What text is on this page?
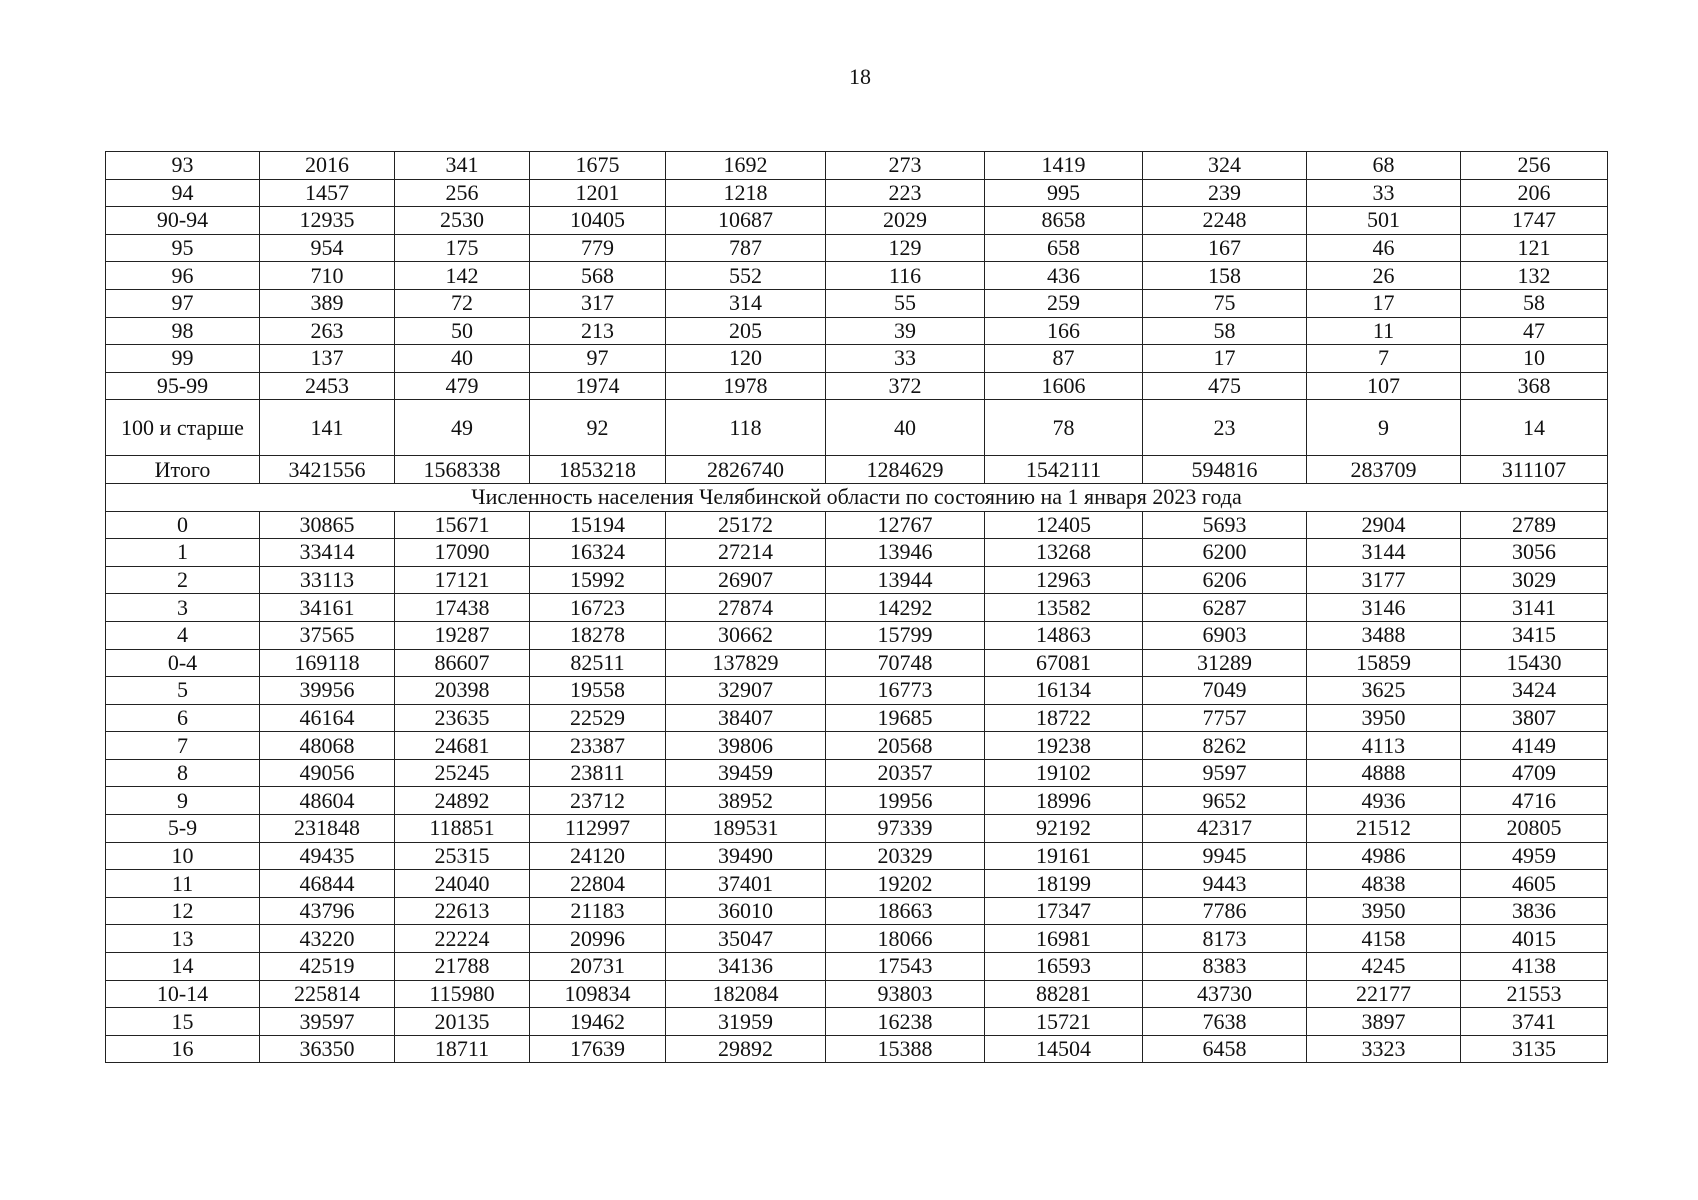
18
93	2016	341	1675	1692	273	1419	324	68	256
94	1457	256	1201	1218	223	995	239	33	206
90-94	12935	2530	10405	10687	2029	8658	2248	501	1747
95	954	175	779	787	129	658	167	46	121
96	710	142	568	552	116	436	158	26	132
97	389	72	317	314	55	259	75	17	58
98	263	50	213	205	39	166	58	11	47
99	137	40	97	120	33	87	17	7	10
95-99	2453	479	1974	1978	372	1606	475	107	368
100 и старше	141	49	92	118	40	78	23	9	14
Итого	3421556	1568338	1853218	2826740	1284629	1542111	594816	283709	311107
Численность населения Челябинской области по состоянию на 1 января 2023 года									
0	30865	15671	15194	25172	12767	12405	5693	2904	2789
1	33414	17090	16324	27214	13946	13268	6200	3144	3056
2	33113	17121	15992	26907	13944	12963	6206	3177	3029
3	34161	17438	16723	27874	14292	13582	6287	3146	3141
4	37565	19287	18278	30662	15799	14863	6903	3488	3415
0-4	169118	86607	82511	137829	70748	67081	31289	15859	15430
5	39956	20398	19558	32907	16773	16134	7049	3625	3424
6	46164	23635	22529	38407	19685	18722	7757	3950	3807
7	48068	24681	23387	39806	20568	19238	8262	4113	4149
8	49056	25245	23811	39459	20357	19102	9597	4888	4709
9	48604	24892	23712	38952	19956	18996	9652	4936	4716
5-9	231848	118851	112997	189531	97339	92192	42317	21512	20805
10	49435	25315	24120	39490	20329	19161	9945	4986	4959
11	46844	24040	22804	37401	19202	18199	9443	4838	4605
12	43796	22613	21183	36010	18663	17347	7786	3950	3836
13	43220	22224	20996	35047	18066	16981	8173	4158	4015
14	42519	21788	20731	34136	17543	16593	8383	4245	4138
10-14	225814	115980	109834	182084	93803	88281	43730	22177	21553
15	39597	20135	19462	31959	16238	15721	7638	3897	3741
16	36350	18711	17639	29892	15388	14504	6458	3323	3135
